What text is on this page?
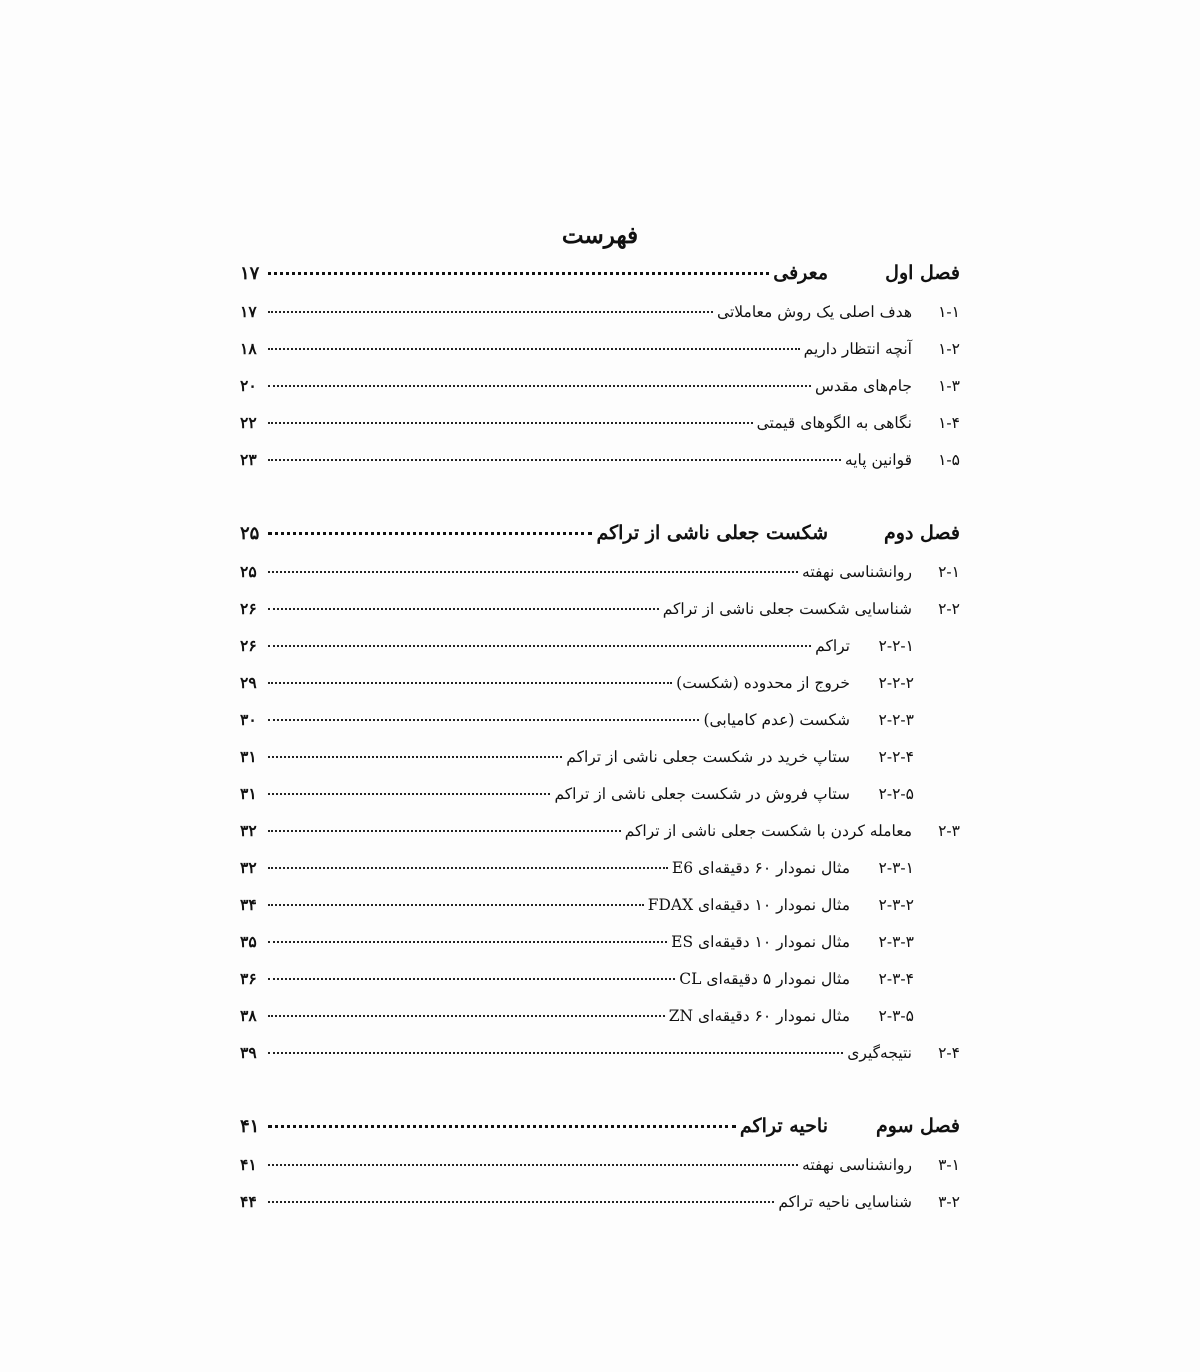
فهرست
فصل اول
معرفی
۱۷
۱-۱
هدف اصلی یک روش معاملاتی
۱۷
۱-۲
آنچه انتظار داریم
۱۸
۱-۳
جام‌های مقدس
۲۰
۱-۴
نگاهی به الگوهای قیمتی
۲۲
۱-۵
قوانین پایه
۲۳
فصل دوم
شکست جعلی ناشی از تراکم
۲۵
۲-۱
روانشناسی نهفته
۲۵
۲-۲
شناسایی شکست جعلی ناشی از تراکم
۲۶
۲-۲-۱
تراکم
۲۶
۲-۲-۲
خروج از محدوده (شکست)
۲۹
۲-۲-۳
شکست (عدم کامیابی)
۳۰
۲-۲-۴
ستاپ خرید در شکست جعلی ناشی از تراکم
۳۱
۲-۲-۵
ستاپ فروش در شکست جعلی ناشی از تراکم
۳۱
۲-۳
معامله کردن با شکست جعلی ناشی از تراکم
۳۲
۲-۳-۱
مثال نمودار ۶۰ دقیقه‌ای E6
۳۲
۲-۳-۲
مثال نمودار ۱۰ دقیقه‌ای FDAX
۳۴
۲-۳-۳
مثال نمودار ۱۰ دقیقه‌ای ES
۳۵
۲-۳-۴
مثال نمودار ۵ دقیقه‌ای CL
۳۶
۲-۳-۵
مثال نمودار ۶۰ دقیقه‌ای ZN
۳۸
۲-۴
نتیجه‌گیری
۳۹
فصل سوم
ناحیه تراکم
۴۱
۳-۱
روانشناسی نهفته
۴۱
۳-۲
شناسایی ناحیه تراکم
۴۴
